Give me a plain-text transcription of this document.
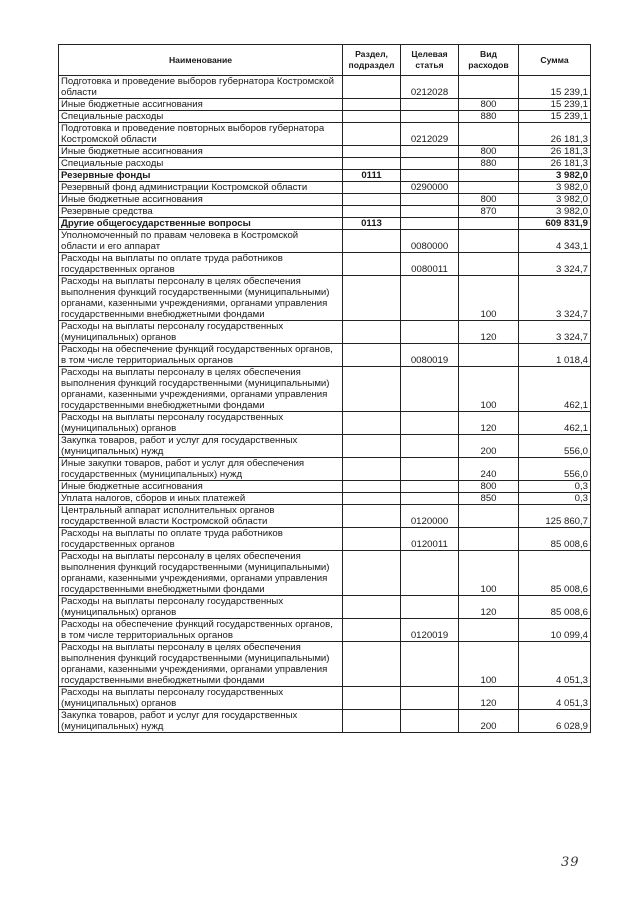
Наименование	Раздел, подраздел	Целевая статья	Вид расходов	Сумма

Подготовка и проведение выборов губернатора Костромской
области		0212028		15 239,1

Иные бюджетные ассигнования			800	15 239,1

Специальные расходы			880	15 239,1

Подготовка и проведение повторных выборов губернатора
Костромской области		0212029		26 181,3

Иные бюджетные ассигнования			800	26 181,3

Специальные расходы			880	26 181,3

Резервные фонды	0111			3 982,0

Резервный фонд администрации Костромской области		0290000		3 982,0

Иные бюджетные ассигнования			800	3 982,0

Резервные средства			870	3 982,0

Другие общегосударственные вопросы	0113			609 831,9

Уполномоченный по правам человека в Костромской
области и его аппарат		0080000		4 343,1

Расходы на выплаты по оплате труда работников
государственных органов		0080011		3 324,7

Расходы на выплаты персоналу в целях обеспечения
выполнения функций государственными (муниципальными)
органами, казенными учреждениями, органами управления
государственными внебюджетными фондами			100	3 324,7

Расходы на выплаты персоналу государственных
(муниципальных) органов			120	3 324,7

Расходы на обеспечение функций государственных органов,
в том числе территориальных органов		0080019		1 018,4

Расходы на выплаты персоналу в целях обеспечения
выполнения функций государственными (муниципальными)
органами, казенными учреждениями, органами управления
государственными внебюджетными фондами			100	462,1

Расходы на выплаты персоналу государственных
(муниципальных) органов			120	462,1

Закупка товаров, работ и услуг для государственных
(муниципальных) нужд			200	556,0

Иные закупки товаров, работ и услуг для обеспечения
государственных (муниципальных) нужд			240	556,0

Иные бюджетные ассигнования			800	0,3

Уплата налогов, сборов и иных платежей			850	0,3

Центральный аппарат исполнительных органов
государственной власти Костромской области		0120000		125 860,7

Расходы на выплаты по оплате труда работников
государственных органов		0120011		85 008,6

Расходы на выплаты персоналу в целях обеспечения
выполнения функций государственными (муниципальными)
органами, казенными учреждениями, органами управления
государственными внебюджетными фондами			100	85 008,6

Расходы на выплаты персоналу государственных
(муниципальных) органов			120	85 008,6

Расходы на обеспечение функций государственных органов,
в том числе территориальных органов		0120019		10 099,4

Расходы на выплаты персоналу в целях обеспечения
выполнения функций государственными (муниципальными)
органами, казенными учреждениями, органами управления
государственными внебюджетными фондами			100	4 051,3

Расходы на выплаты персоналу государственных
(муниципальных) органов			120	4 051,3

Закупка товаров, работ и услуг для государственных
(муниципальных) нужд			200	6 028,9
39
